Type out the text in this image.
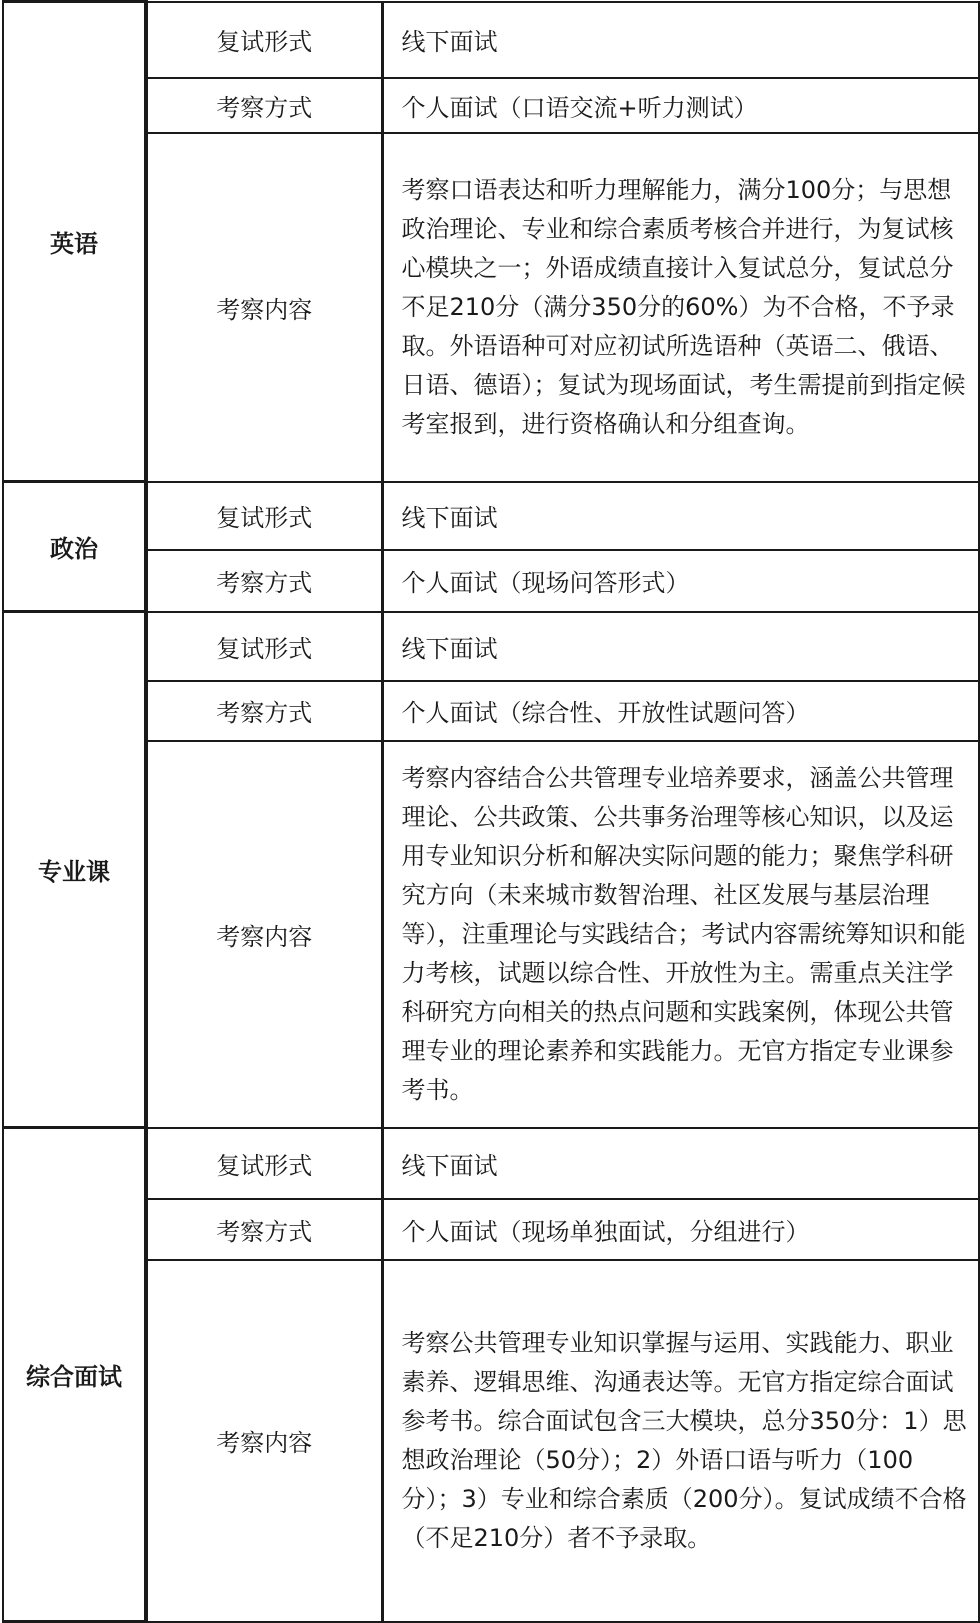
英语	复试形式	线下面试

	考察方式	个人面试（口语交流+听力测试）

	考察内容	考察口语表达和听力理解能力，满分100分；与思想政治理论、专业和综合素质考核合并进行，为复试核心模块之一；外语成绩直接计入复试总分，复试总分不足210分（满分350分的60%）为不合格，不予录取。外语语种可对应初试所选语种（英语二、俄语、日语、德语）；复试为现场面试，考生需提前到指定候考室报到，进行资格确认和分组查询。

政治	复试形式	线下面试

	考察方式	个人面试（现场问答形式）

专业课	复试形式	线下面试

	考察方式	个人面试（综合性、开放性试题问答）

	考察内容	考察内容结合公共管理专业培养要求，涵盖公共管理理论、公共政策、公共事务治理等核心知识，以及运用专业知识分析和解决实际问题的能力；聚焦学科研究方向（未来城市数智治理、社区发展与基层治理等），注重理论与实践结合；考试内容需统筹知识和能力考核，试题以综合性、开放性为主。需重点关注学科研究方向相关的热点问题和实践案例，体现公共管理专业的理论素养和实践能力。无官方指定专业课参考书。

综合面试	复试形式	线下面试

	考察方式	个人面试（现场单独面试，分组进行）

	考察内容	考察公共管理专业知识掌握与运用、实践能力、职业素养、逻辑思维、沟通表达等。无官方指定综合面试参考书。综合面试包含三大模块，总分350分：1）思想政治理论（50分）；2）外语口语与听力（100分）；3）专业和综合素质（200分）。复试成绩不合格（不足210分）者不予录取。
